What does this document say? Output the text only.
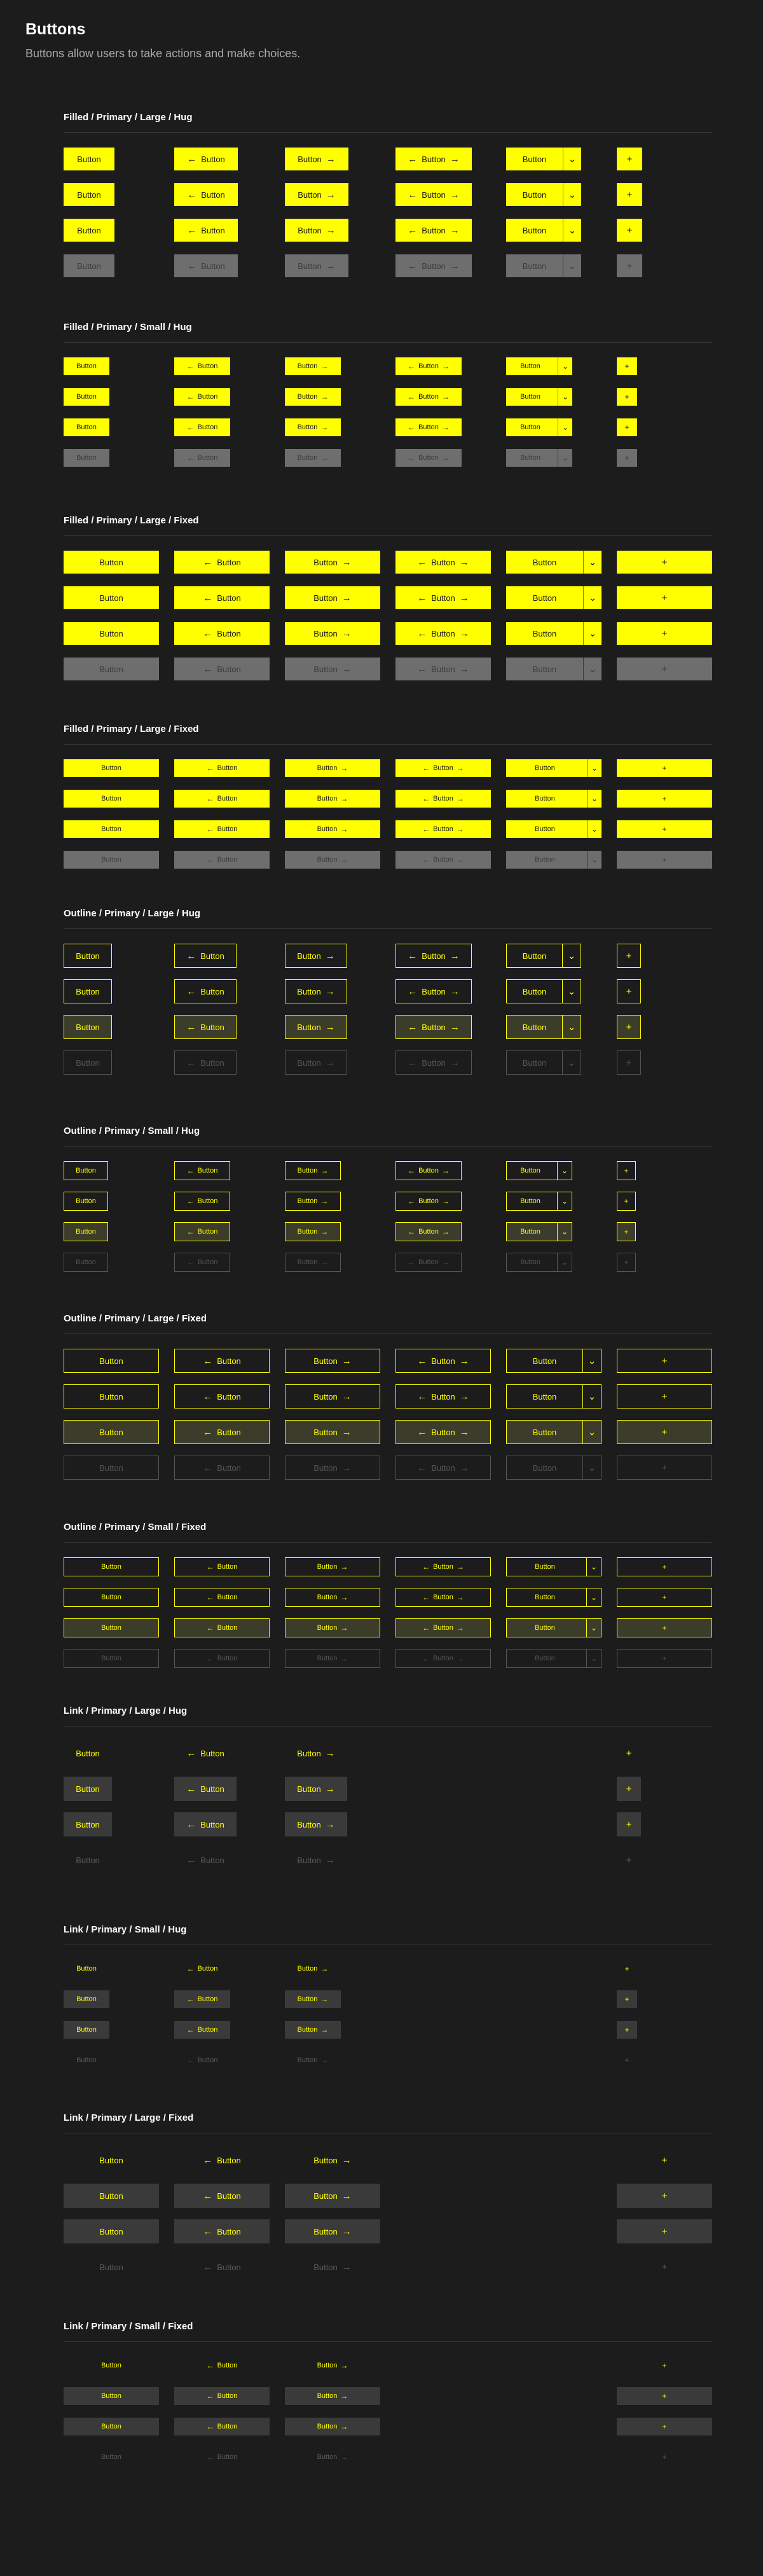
Buttons

Buttons allow users to take actions and make choices.

Filled / Primary / Large / Hug
Button
Button
Button
Button
← Button
← Button
← Button
← Button
Button →
Button →
Button →
Button →
← Button →
← Button →
← Button →
← Button →
Button ⌄
Button ⌄
Button ⌄
Button ⌄
+
+
+
+
Filled / Primary / Small / Hug
Button
Button
Button
Button
← Button
← Button
← Button
← Button
Button →
Button →
Button →
Button →
← Button →
← Button →
← Button →
← Button →
Button	⌄
Button	⌄
Button	⌄
Button	⌄
+
+
+
+
Filled / Primary / Large / Fixed
Button
Button
Button
Button
← Button
← Button
← Button
← Button
Button →
Button →
Button →
Button →
← Button →
← Button →
← Button →
← Button →
Button	⌄
Button	⌄
Button	⌄
Button	⌄
+
+
+
+
Filled / Primary / Large / Fixed
Button
Button
Button
Button
← Button
← Button
← Button
← Button
Button →
Button →
Button →
Button →
← Button →
← Button →
← Button →
← Button →
Button	⌄
Button	⌄
Button	⌄
Button	⌄
+
+
+
+
Outline / Primary / Large / Hug
Button
Button
Button
Button
← Button
← Button
← Button
← Button
Button →
Button →
Button →
Button →
← Button →
← Button →
← Button →
← Button →
Button ⌄
Button ⌄
Button ⌄
Button ⌄
+
+
+
+
Outline / Primary / Small / Hug
Button
Button
Button
Button
← Button
← Button
← Button
← Button
Button →
Button →
Button →
Button →
← Button →
← Button →
← Button →
← Button →
Button	⌄
Button	⌄
Button	⌄
Button	⌄
+
+
+
+
Outline / Primary / Large / Fixed
Button
Button
Button
Button
← Button
← Button
← Button
← Button
Button →
Button →
Button →
Button →
← Button →
← Button →
← Button →
← Button →
Button	⌄
Button	⌄
Button	⌄
Button	⌄
+
+
+
+
Outline / Primary / Small / Fixed
Button
Button
Button
Button
← Button
← Button
← Button
← Button
Button →
Button →
Button →
Button →
← Button →
← Button →
← Button →
← Button →
Button	⌄
Button	⌄
Button	⌄
Button	⌄
+
+
+
+
Link / Primary / Large / Hug
Button
Button
Button
Button
← Button
← Button
← Button
← Button
Button →
Button →
Button →
Button →
+
+
+
+
Link / Primary / Small / Hug
Button
Button
Button
Button
← Button
← Button
← Button
← Button
Button →
Button →
Button →
Button →
+
+
+
+
Link / Primary / Large / Fixed
Button
Button
Button
Button
← Button
← Button
← Button
← Button
Button →
Button →
Button →
Button →
+
+
+
+
Link / Primary / Small / Fixed
Button
Button
Button
Button
← Button
← Button
← Button
← Button
Button →
Button →
Button →
Button →
+
+
+
+
